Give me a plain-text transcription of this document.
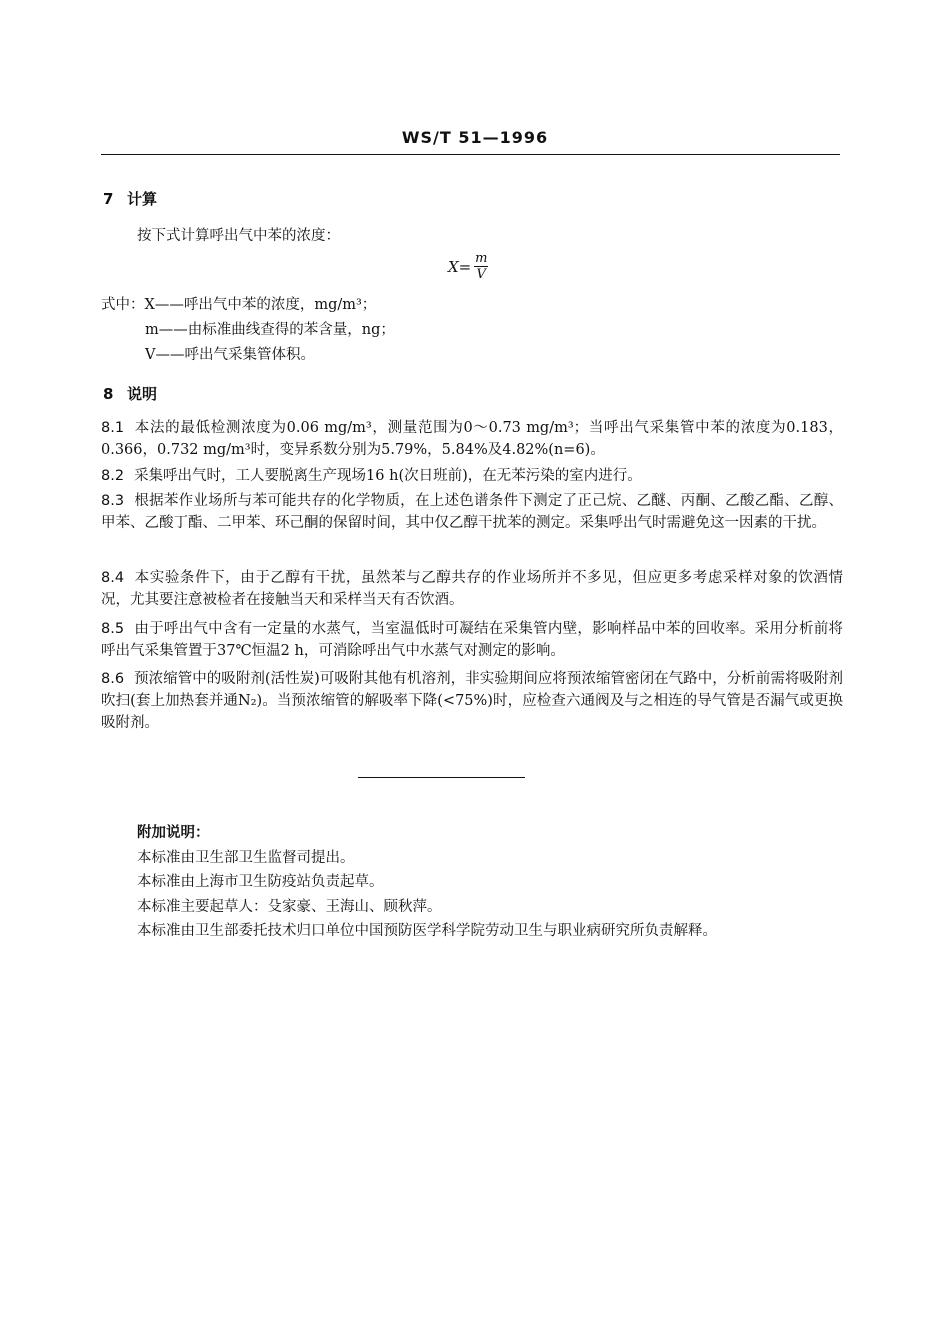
WS/T 51—1996
7 计算
按下式计算呼出气中苯的浓度：
$X= \frac{m}{V}$
式中：X——呼出气中苯的浓度，mg/m³；
m——由标准曲线查得的苯含量，ng；
V——呼出气采集管体积。
8 说明
8.1 本法的最低检测浓度为0.06 mg/m³，测量范围为0～0.73 mg/m³；当呼出气采集管中苯的浓度为0.183，0.366，0.732 mg/m³时，变异系数分别为5.79%，5.84%及4.82%(n=6)。
8.2 采集呼出气时，工人要脱离生产现场16 h(次日班前)，在无苯污染的室内进行。
8.3 根据苯作业场所与苯可能共存的化学物质，在上述色谱条件下测定了正己烷、乙醚、丙酮、乙酸乙酯、乙醇、甲苯、乙酸丁酯、二甲苯、环己酮的保留时间，其中仅乙醇干扰苯的测定。采集呼出气时需避免这一因素的干扰。
8.4 本实验条件下，由于乙醇有干扰，虽然苯与乙醇共存的作业场所并不多见，但应更多考虑采样对象的饮酒情况，尤其要注意被检者在接触当天和采样当天有否饮酒。
8.5 由于呼出气中含有一定量的水蒸气，当室温低时可凝结在采集管内壁，影响样品中苯的回收率。采用分析前将呼出气采集管置于37℃恒温2 h，可消除呼出气中水蒸气对测定的影响。
8.6 预浓缩管中的吸附剂(活性炭)可吸附其他有机溶剂，非实验期间应将预浓缩管密闭在气路中，分析前需将吸附剂吹扫(套上加热套并通N₂)。当预浓缩管的解吸率下降(<75%)时，应检查六通阀及与之相连的导气管是否漏气或更换吸附剂。
附加说明：
本标准由卫生部卫生监督司提出。
本标准由上海市卫生防疫站负责起草。
本标准主要起草人：殳家豪、王海山、顾秋萍。
本标准由卫生部委托技术归口单位中国预防医学科学院劳动卫生与职业病研究所负责解释。
